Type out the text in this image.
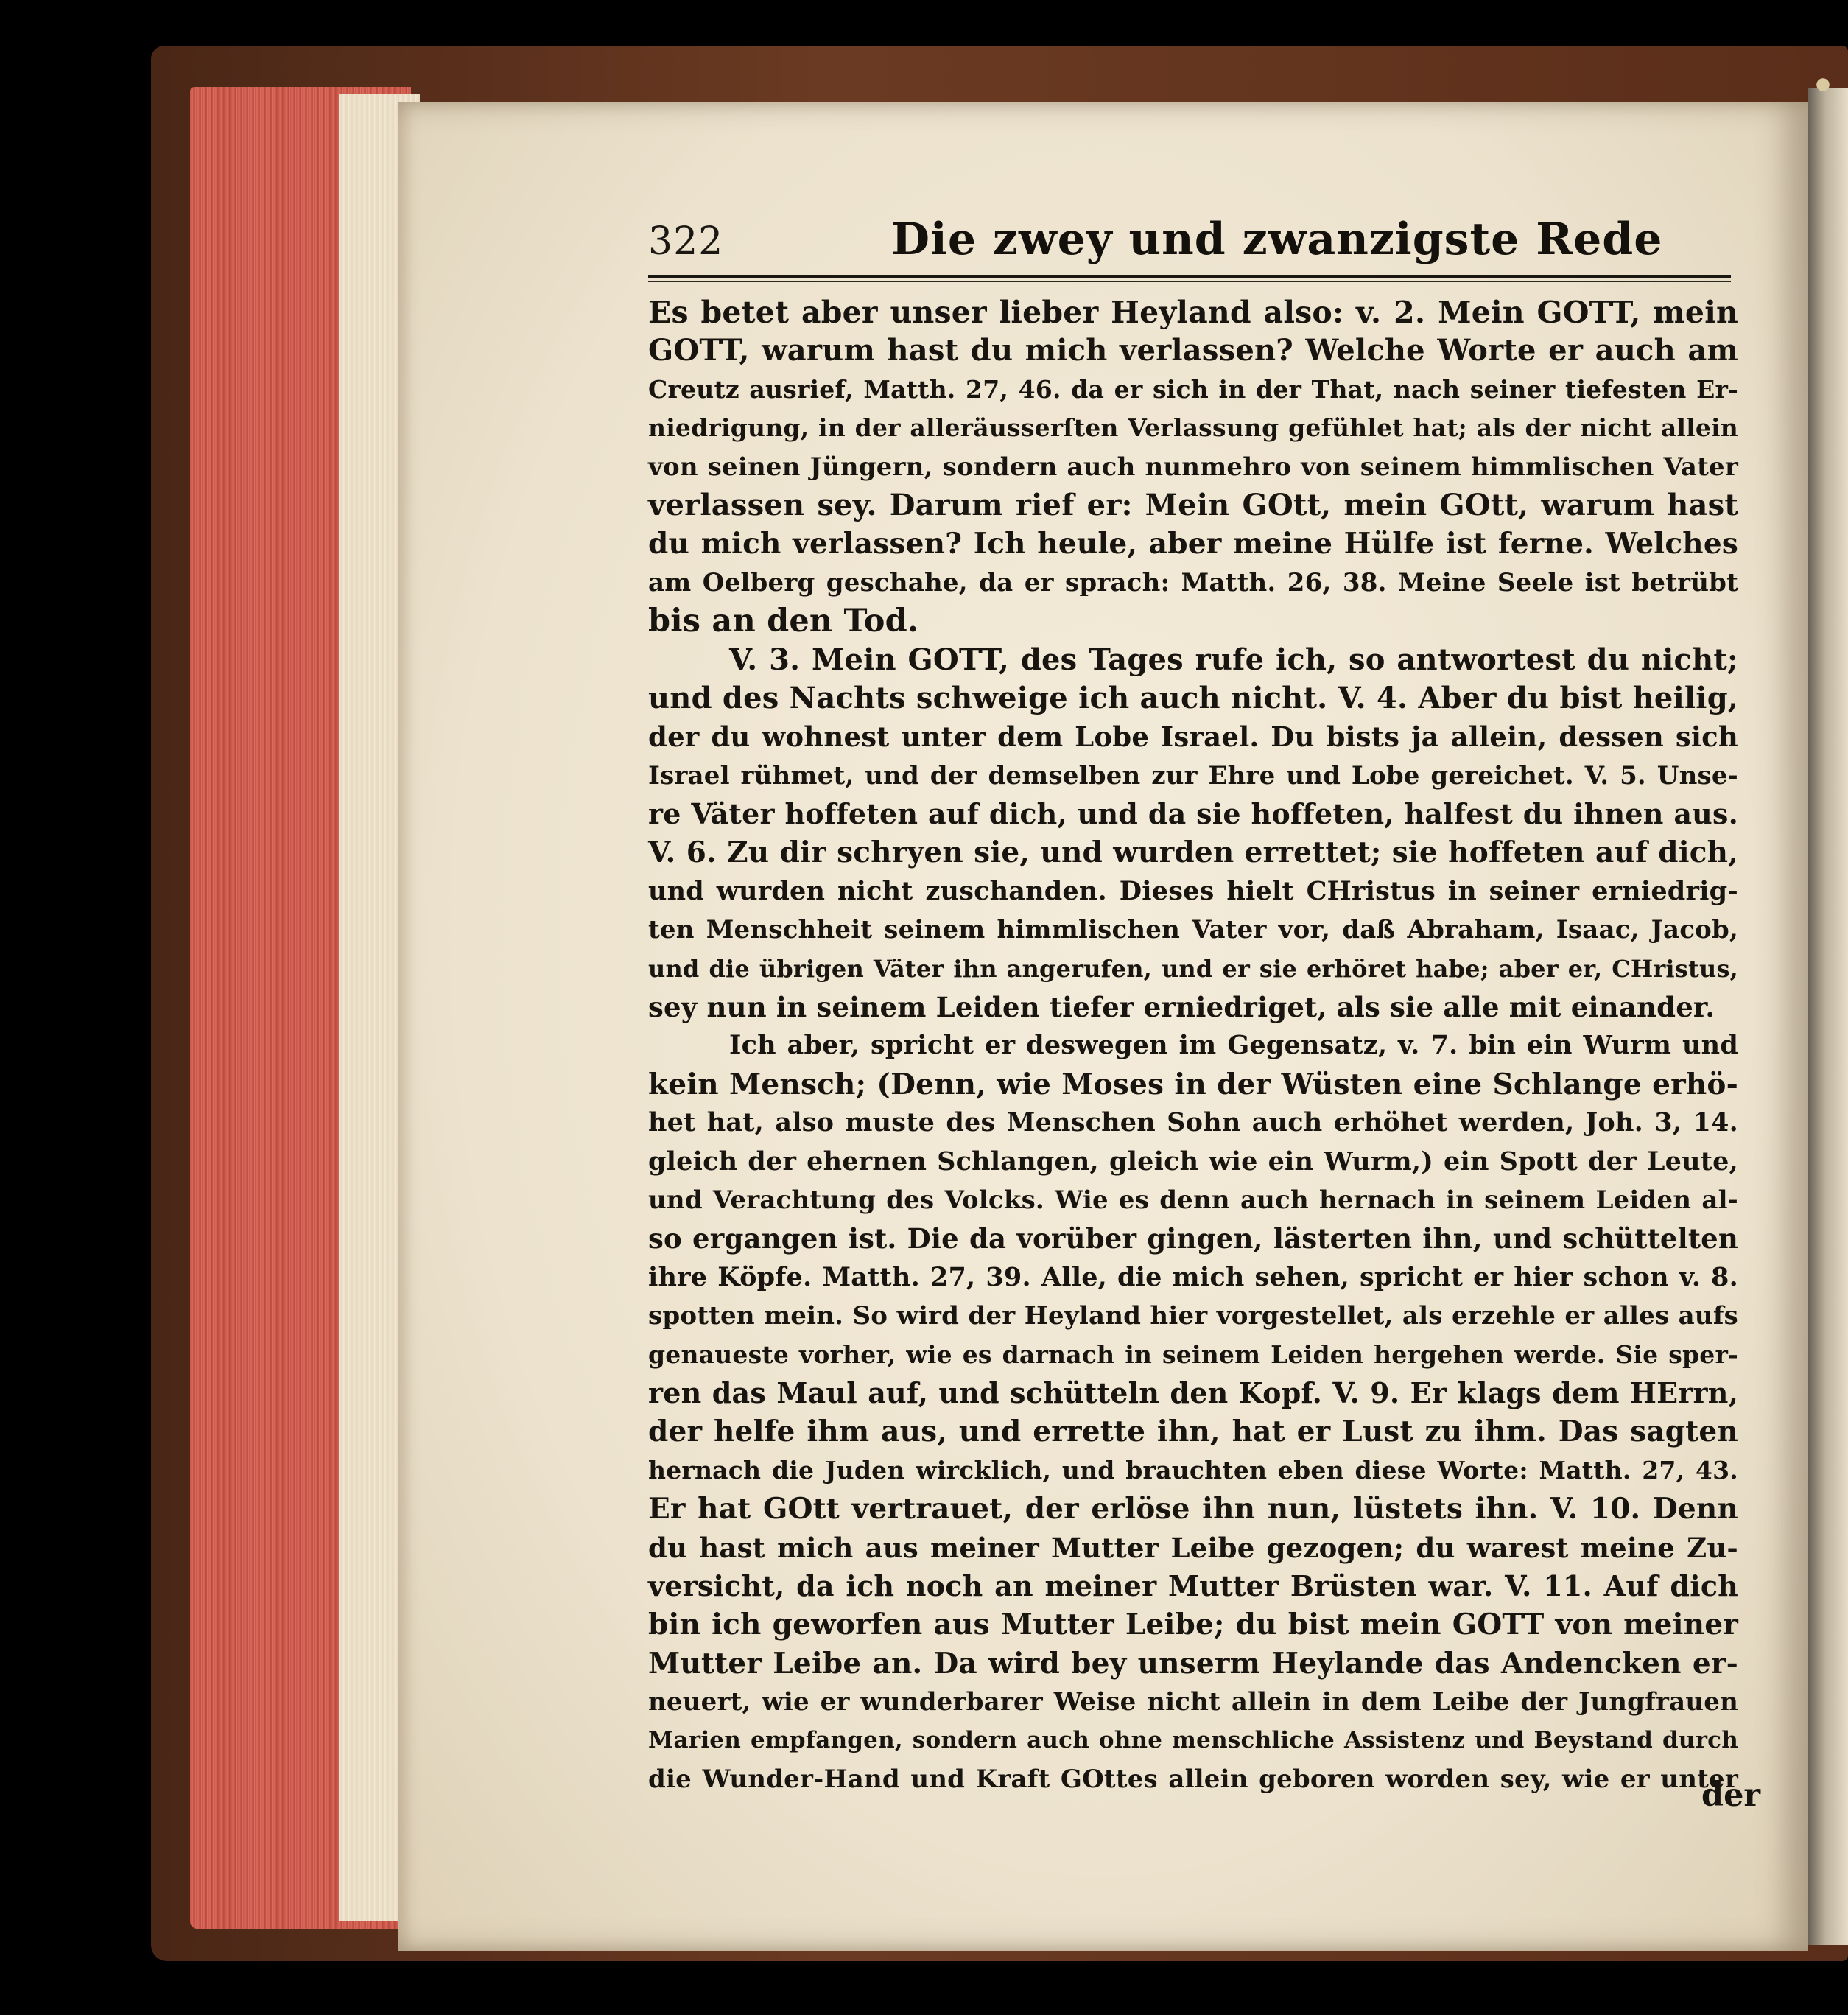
322	Die zwey und zwanzigste Rede
Es betet aber unser lieber Heyland also: v. 2. Mein GOTT, mein
GOTT, warum hast du mich verlassen? Welche Worte er auch am
Creutz ausrief, Matth. 27, 46. da er sich in der That, nach seiner tiefesten Er-
niedrigung, in der alleräusserſten Verlassung gefühlet hat; als der nicht allein
von seinen Jüngern, sondern auch nunmehro von seinem himmlischen Vater
verlassen sey. Darum rief er: Mein GOtt, mein GOtt, warum hast
du mich verlassen? Ich heule, aber meine Hülfe ist ferne. Welches
am Oelberg geschahe, da er sprach: Matth. 26, 38. Meine Seele ist betrübt
bis an den Tod.
V. 3. Mein GOTT, des Tages rufe ich, so antwortest du nicht;
und des Nachts schweige ich auch nicht. V. 4. Aber du bist heilig,
der du wohnest unter dem Lobe Israel. Du bists ja allein, dessen sich
Israel rühmet, und der demselben zur Ehre und Lobe gereichet. V. 5. Unse-
re Väter hoffeten auf dich, und da sie hoffeten, halfest du ihnen aus.
V. 6. Zu dir schryen sie, und wurden errettet; sie hoffeten auf dich,
und wurden nicht zuschanden. Dieses hielt CHristus in seiner erniedrig-
ten Menschheit seinem himmlischen Vater vor, daß Abraham, Isaac, Jacob,
und die übrigen Väter ihn angerufen, und er sie erhöret habe; aber er, CHristus,
sey nun in seinem Leiden tiefer erniedriget, als sie alle mit einander.
Ich aber, spricht er deswegen im Gegensatz, v. 7. bin ein Wurm und
kein Mensch; (Denn, wie Moses in der Wüsten eine Schlange erhö-
het hat, also muste des Menschen Sohn auch erhöhet werden, Joh. 3, 14.
gleich der ehernen Schlangen, gleich wie ein Wurm,) ein Spott der Leute,
und Verachtung des Volcks. Wie es denn auch hernach in seinem Leiden al-
so ergangen ist. Die da vorüber gingen, lästerten ihn, und schüttelten
ihre Köpfe. Matth. 27, 39. Alle, die mich sehen, spricht er hier schon v. 8.
spotten mein. So wird der Heyland hier vorgestellet, als erzehle er alles aufs
genaueste vorher, wie es darnach in seinem Leiden hergehen werde. Sie sper-
ren das Maul auf, und schütteln den Kopf. V. 9. Er klags dem HErrn,
der helfe ihm aus, und errette ihn, hat er Lust zu ihm. Das sagten
hernach die Juden wircklich, und brauchten eben diese Worte: Matth. 27, 43.
Er hat GOtt vertrauet, der erlöse ihn nun, lüstets ihn. V. 10. Denn
du hast mich aus meiner Mutter Leibe gezogen; du warest meine Zu-
versicht, da ich noch an meiner Mutter Brüsten war. V. 11. Auf dich
bin ich geworfen aus Mutter Leibe; du bist mein GOTT von meiner
Mutter Leibe an. Da wird bey unserm Heylande das Andencken er-
neuert, wie er wunderbarer Weise nicht allein in dem Leibe der Jungfrauen
Marien empfangen, sondern auch ohne menschliche Assistenz und Beystand durch
die Wunder-Hand und Kraft GOttes allein geboren worden sey, wie er unter
der
